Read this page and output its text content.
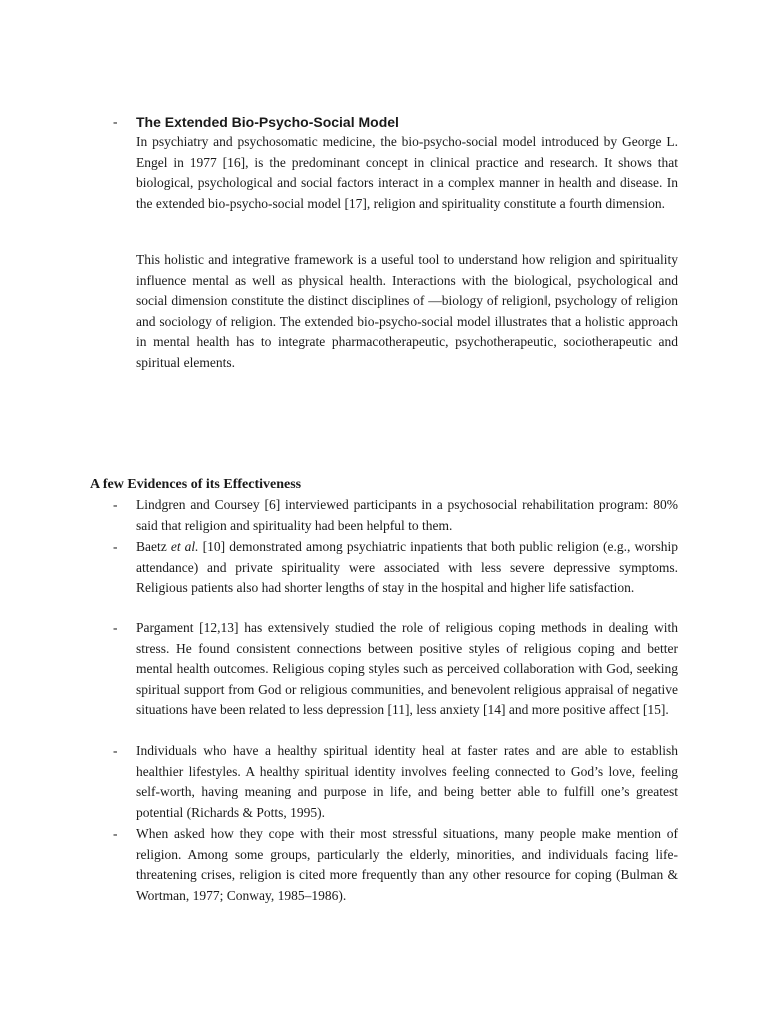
- The Extended Bio-Psycho-Social Model

In psychiatry and psychosomatic medicine, the bio-psycho-social model introduced by George L. Engel in 1977 [16], is the predominant concept in clinical practice and research. It shows that biological, psychological and social factors interact in a complex manner in health and disease. In the extended bio-psycho-social model [17], religion and spirituality constitute a fourth dimension.

This holistic and integrative framework is a useful tool to understand how religion and spirituality influence mental as well as physical health. Interactions with the biological, psychological and social dimension constitute the distinct disciplines of ―biology of religion‖, psychology of religion and sociology of religion. The extended bio-psycho-social model illustrates that a holistic approach in mental health has to integrate pharmacotherapeutic, psychotherapeutic, sociotherapeutic and spiritual elements.

A few Evidences of its Effectiveness
- Lindgren and Coursey [6] interviewed participants in a psychosocial rehabilitation program: 80% said that religion and spirituality had been helpful to them.

- Baetz et al. [10] demonstrated among psychiatric inpatients that both public religion (e.g., worship attendance) and private spirituality were associated with less severe depressive symptoms. Religious patients also had shorter lengths of stay in the hospital and higher life satisfaction.

- Pargament [12,13] has extensively studied the role of religious coping methods in dealing with stress. He found consistent connections between positive styles of religious coping and better mental health outcomes. Religious coping styles such as perceived collaboration with God, seeking spiritual support from God or religious communities, and benevolent religious appraisal of negative situations have been related to less depression [11], less anxiety [14] and more positive affect [15].

- Individuals who have a healthy spiritual identity heal at faster rates and are able to establish healthier lifestyles. A healthy spiritual identity involves feeling connected to God’s love, feeling self-worth, having meaning and purpose in life, and being better able to fulfill one’s greatest potential (Richards & Potts, 1995).

- When asked how they cope with their most stressful situations, many people make mention of religion. Among some groups, particularly the elderly, minorities, and individuals facing life-threatening crises, religion is cited more frequently than any other resource for coping (Bulman & Wortman, 1977; Conway, 1985–1986).
